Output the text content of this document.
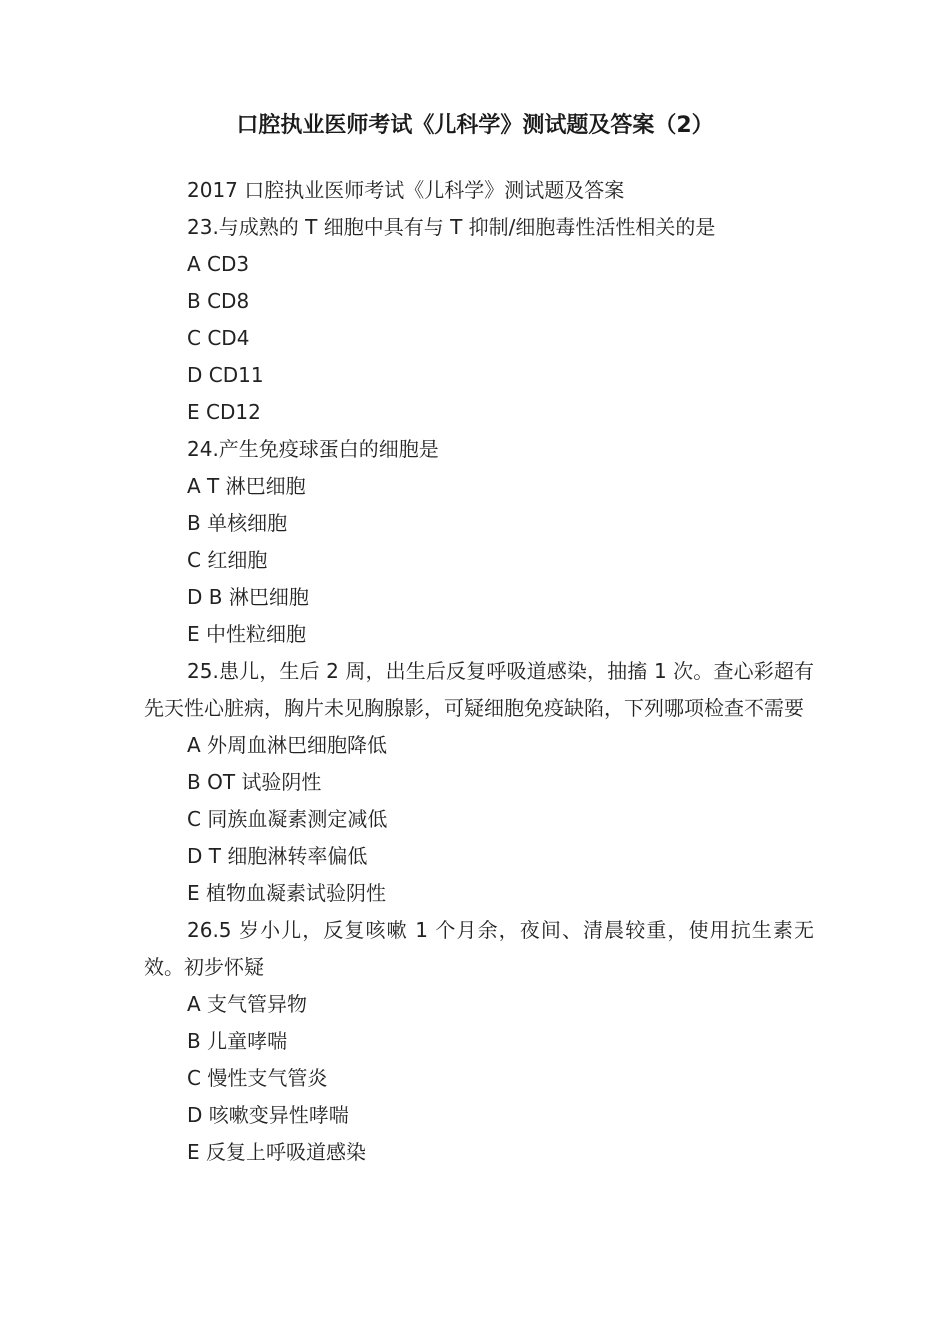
口腔执业医师考试《儿科学》测试题及答案（2）

2017 口腔执业医师考试《儿科学》测试题及答案

23.与成熟的 T 细胞中具有与 T 抑制/细胞毒性活性相关的是

A CD3

B CD8

C CD4

D CD11

E CD12

24.产生免疫球蛋白的细胞是

A T 淋巴细胞

B 单核细胞

C 红细胞

D B 淋巴细胞

E 中性粒细胞

25.患儿，生后 2 周，出生后反复呼吸道感染，抽搐 1 次。查心彩超有先天性心脏病，胸片未见胸腺影，可疑细胞免疫缺陷，下列哪项检查不需要

A 外周血淋巴细胞降低

B OT 试验阴性

C 同族血凝素测定减低

D T 细胞淋转率偏低

E 植物血凝素试验阴性

26.5 岁小儿，反复咳嗽 1 个月余，夜间、清晨较重，使用抗生素无效。初步怀疑

A 支气管异物

B 儿童哮喘

C 慢性支气管炎

D 咳嗽变异性哮喘

E 反复上呼吸道感染
